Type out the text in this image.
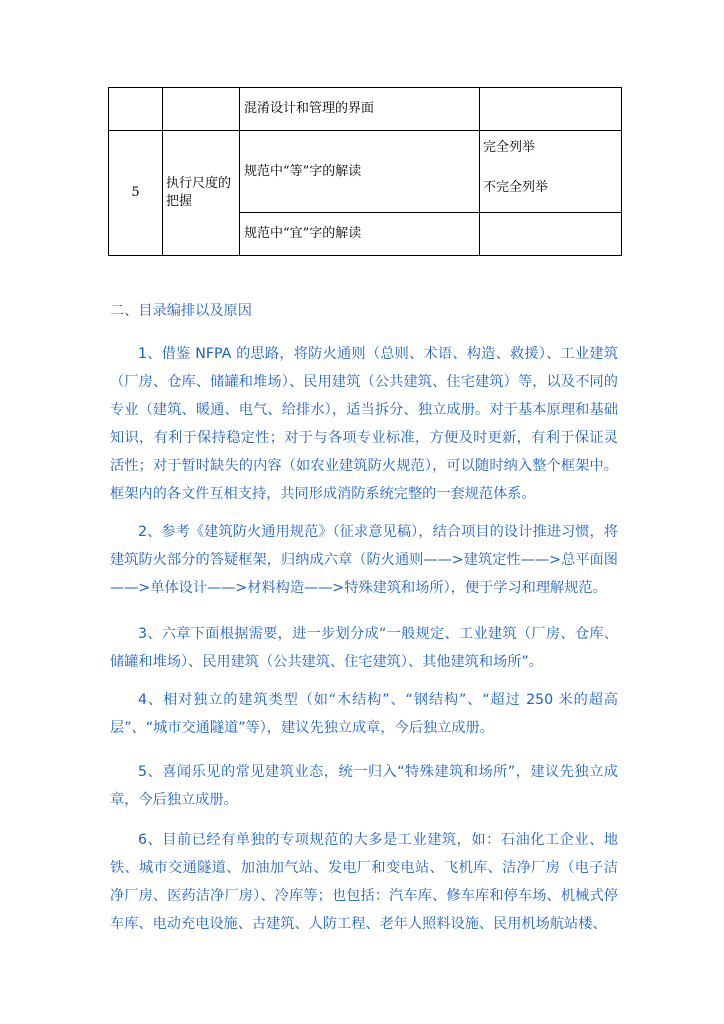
		混淆设计和管理的界面	
5	执行尺度的把握	规范中“等”字的解读	完全列举
不完全列举

		规范中“宜”字的解读	
二、目录编排以及原因

1、借鉴 NFPA 的思路，将防火通则（总则、术语、构造、救援）、工业建筑（厂房、仓库、储罐和堆场）、民用建筑（公共建筑、住宅建筑）等，以及不同的专业（建筑、暖通、电气、给排水），适当拆分、独立成册。对于基本原理和基础知识，有利于保持稳定性；对于与各项专业标准，方便及时更新，有利于保证灵活性；对于暂时缺失的内容（如农业建筑防火规范），可以随时纳入整个框架中。框架内的各文件互相支持，共同形成消防系统完整的一套规范体系。

2、参考《建筑防火通用规范》（征求意见稿），结合项目的设计推进习惯，将建筑防火部分的答疑框架，归纳成六章（防火通则——>建筑定性——>总平面图——>单体设计——>材料构造——>特殊建筑和场所），便于学习和理解规范。

3、六章下面根据需要，进一步划分成“一般规定、工业建筑（厂房、仓库、储罐和堆场）、民用建筑（公共建筑、住宅建筑）、其他建筑和场所”。

4、相对独立的建筑类型（如“木结构”、“钢结构”、“超过 250 米的超高层”、“城市交通隧道”等），建议先独立成章，今后独立成册。

5、喜闻乐见的常见建筑业态，统一归入“特殊建筑和场所”，建议先独立成章，今后独立成册。

6、目前已经有单独的专项规范的大多是工业建筑，如：石油化工企业、地铁、城市交通隧道、加油加气站、发电厂和变电站、飞机库、洁净厂房（电子洁净厂房、医药洁净厂房）、冷库等；也包括：汽车库、修车库和停车场、机械式停车库、电动充电设施、古建筑、人防工程、老年人照料设施、民用机场航站楼、
